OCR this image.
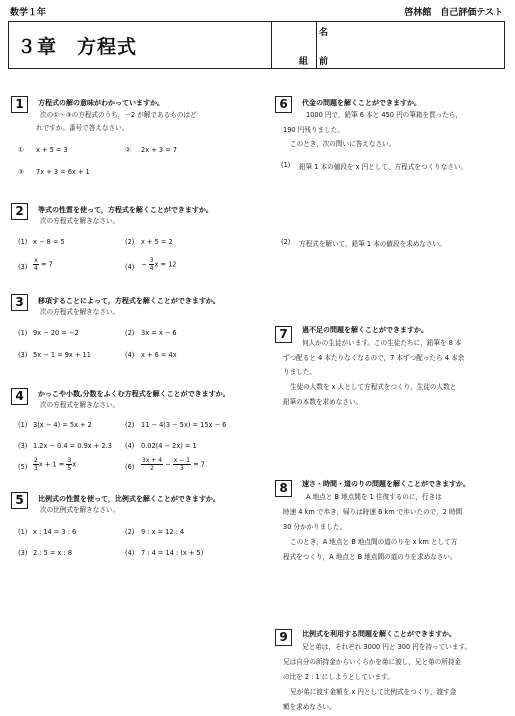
数学１年	啓林館　自己評価テスト
３章　方程式
組
名
前
1	方程式の解の意味がわかっていますか。
次の①～③の方程式のうち，－2 が解であるものはど
れですか。番号で答えなさい。
① x + 5 = 3	② 2x + 3 = 7
③ 7x + 3 = 6x + 1
2	等式の性質を使って，方程式を解くことができますか。
次の方程式を解きなさい。
(1) x − 8 = 5	(2) x + 5 = 2
$(3) \frac{x}{4} = 7$	$(4) - \frac{3}{4}$ x = 12
3	移項することによって，方程式を解くことができますか。
次の方程式を解きなさい。
(1) 9x − 20 = −2	(2) 3x = x − 6
(3) 5x − 1 = 9x + 11	(4) x + 6 = 4x
4	かっこや小数,分数をふくむ方程式を解くことができますか。
次の方程式を解きなさい。
(1) 3(x − 4) = 5x + 2	(2) 11 − 4(3 − 5x) = 15x − 6
(3) 1.2x − 0.4 = 0.9x + 2.3 (4) 0.02(4 − 2x) = 1
$(5) \frac{2}{3}$ $x + 1 = \frac{3}{5}$ x	$(6) \frac{3x + 4}{2} - \frac{x - 1}{3} = 7$
5	比例式の性質を使って，比例式を解くことができますか。
次の比例式を解きなさい。
(1) x : 14 = 3 : 6	(2) 9 : x = 12 : 4
(3) 2 : 5 = x : 8	(4) 7 : 4 = 14 : (x + 5)
6	代金の問題を解くことができますか。
1000 円で，鉛筆 6 本と 450 円の筆箱を買ったら，
190 円残りました。
このとき，次の問いに答えなさい。
(1) 鉛筆 1 本の値段を x 円として，方程式をつくりなさい。
(2) 方程式を解いて，鉛筆 1 本の値段を求めなさい。
7	過不足の問題を解くことができますか。
何人かの生徒がいます。この生徒たちに，鉛筆を 8 本
ずつ配ると 4 本たりなくなるので，7 本ずつ配ったら 4 本余
りました。
生徒の人数を x 人として方程式をつくり，生徒の人数と
鉛筆の本数を求めなさい。
8	速さ・時間・道のりの問題を解くことができますか。
A 地点と B 地点間を 1 往復するのに，行きは
時速 4 km で歩き，帰りは時速 6 km で歩いたので，2 時間
30 分かかりました。
このとき，A 地点と B 地点間の道のりを x km として方
程式をつくり，A 地点と B 地点間の道のりを求めなさい。
9	比例式を利用する問題を解くことができますか。
兄と弟は，それぞれ 3000 円と 300 円を持っています。
兄は自分の所持金からいくらかを弟に渡し，兄と弟の所持金
の比を 2 : 1 にしようとしています。
兄が弟に渡す金額を x 円として比例式をつくり，渡す金
額を求めなさい。
